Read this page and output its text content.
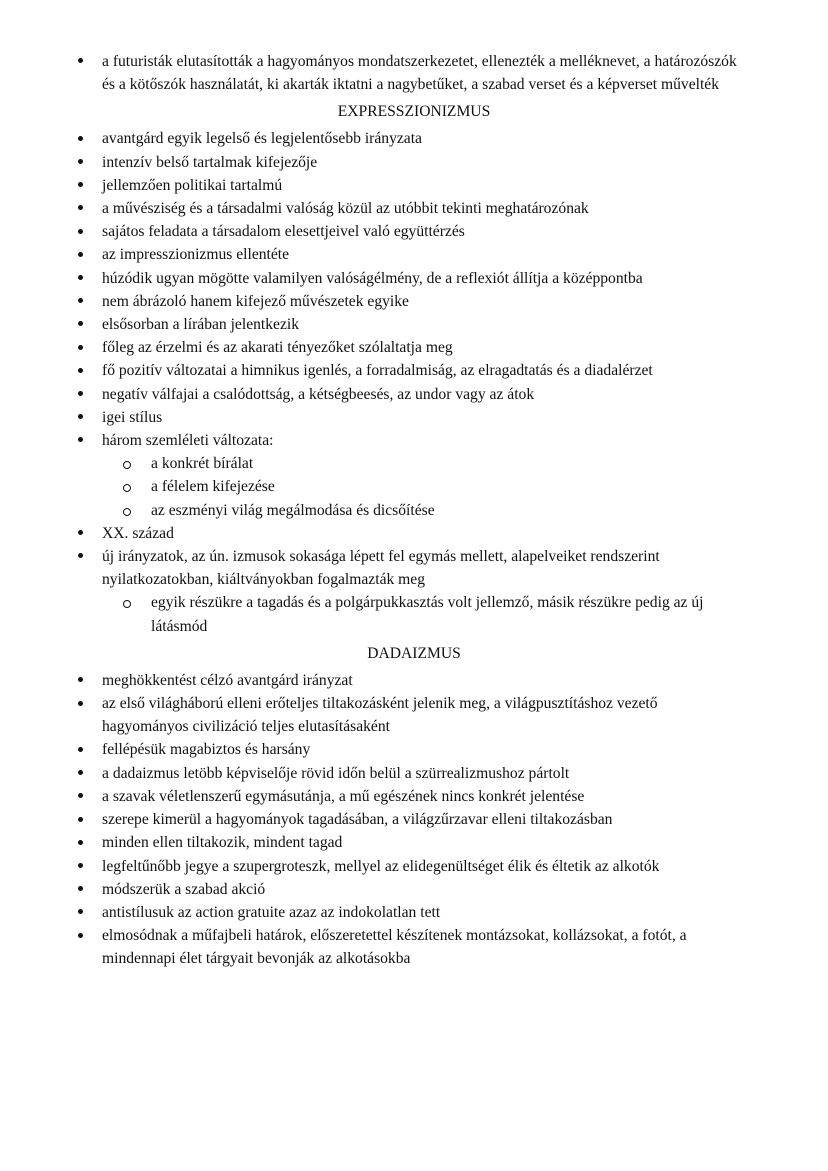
a futuristák elutasították a hagyományos mondatszerkezetet, ellenezték a melléknevet, a határozószók és a kötőszók használatát, ki akarták iktatni a nagybetűket, a szabad verset és a képverset művelték
EXPRESSZIONIZMUS
avantgárd egyik legelső és legjelentősebb irányzata
intenzív belső tartalmak kifejezője
jellemzően politikai tartalmú
a művésziség és a társadalmi valóság közül az utóbbit tekinti meghatározónak
sajátos feladata a társadalom elesettjeivel való együttérzés
az impresszionizmus ellentéte
húzódik ugyan mögötte valamilyen valóságélmény, de a reflexiót állítja a középpontba
nem ábrázoló hanem kifejező művészetek egyike
elsősorban a lírában jelentkezik
főleg az érzelmi és az akarati tényezőket szólaltatja meg
fő pozitív változatai a himnikus igenlés, a forradalmiság, az elragadtatás és a diadalérzet
negatív válfajai a csalódottság, a kétségbeesés, az undor vagy az átok
igei stílus
három szemléleti változata:
a konkrét bírálat
a félelem kifejezése
az eszményi világ megálmodása és dicsőítése
XX. század
új irányzatok, az ún. izmusok sokasága lépett fel egymás mellett, alapelveiket rendszerint nyilatkozatokban, kiáltványokban fogalmazták meg
egyik részükre a tagadás és a polgárpukkasztás volt jellemző, másik részükre pedig az új látásmód
DADAIZMUS
meghökkentést célzó avantgárd irányzat
az első világháború elleni erőteljes tiltakozásként jelenik meg, a világpusztításhoz vezető hagyományos civilizáció teljes elutasításaként
fellépésük magabiztos és harsány
a dadaizmus letöbb képviselője rövid időn belül a szürrealizmushoz pártolt
a szavak véletlenszerű egymásutánja, a mű egészének nincs konkrét jelentése
szerepe kimerül a hagyományok tagadásában, a világzűrzavar elleni tiltakozásban
minden ellen tiltakozik, mindent tagad
legfeltűnőbb jegye a szupergroteszk, mellyel az elidegenültséget élik és éltetik az alkotók
módszerük a szabad akció
antistílusuk az action gratuite azaz az indokolatlan tett
elmosódnak a műfajbeli határok, előszeretettel készítenek montázsokat, kollázsokat, a fotót, a mindennapi élet tárgyait bevonják az alkotásokba
